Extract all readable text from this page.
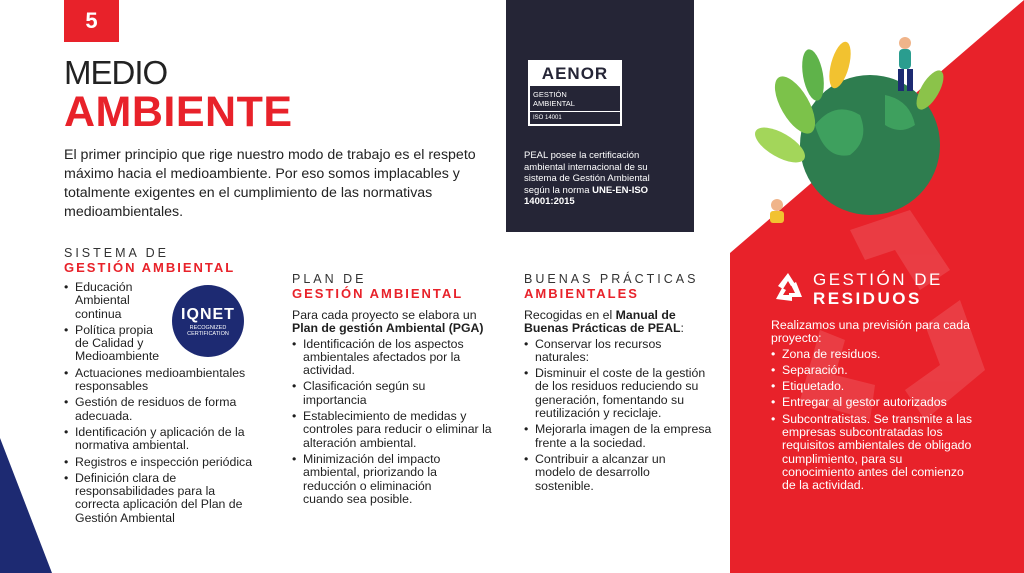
5
MEDIO
AMBIENTE
El primer principio que rige nuestro modo de trabajo es el respeto máximo hacia el medioambiente. Por eso somos implacables y totalmente exigentes en el cumplimiento de las normativas medioambientales.
AENOR
GESTIÓN
AMBIENTAL
ISO 14001
PEAL posee la certificación ambiental internacional de su sistema de Gestión Ambiental según la norma UNE-EN-ISO 14001:2015
SISTEMA DE
GESTIÓN AMBIENTAL
• Educación Ambiental continua
• Política propia de Calidad y Medioambiente
• Actuaciones medioambientales responsables
• Gestión de residuos de forma adecuada.
• Identificación y aplicación de la normativa ambiental.
• Registros e inspección periódica
• Definición clara de responsabilidades para la correcta aplicación del Plan de Gestión Ambiental
IQNET
RECOGNIZED CERTIFICATION
PLAN DE
GESTIÓN AMBIENTAL
Para cada proyecto se elabora un Plan de gestión Ambiental (PGA)
• Identificación de los aspectos ambientales afectados por la actividad.
• Clasificación según su importancia
• Establecimiento de medidas y controles para reducir o eliminar la alteración ambiental.
• Minimización del impacto ambiental, priorizando la reducción o eliminación cuando sea posible.
BUENAS PRÁCTICAS
AMBIENTALES
Recogidas en el Manual de Buenas Prácticas de PEAL:
• Conservar los recursos naturales:
• Disminuir el coste de la gestión de los residuos reduciendo su generación, fomentando su reutilización y reciclaje.
• Mejorarla imagen de la empresa frente a la sociedad.
• Contribuir a alcanzar un modelo de desarrollo sostenible.
GESTIÓN DE
RESIDUOS
Realizamos una previsión para cada proyecto:
• Zona de residuos.
• Separación.
• Etiquetado.
• Entregar al gestor autorizados
• Subcontratistas. Se transmite a las empresas subcontratadas los requisitos ambientales de obligado cumplimiento, para su conocimiento antes del comienzo de la actividad.
